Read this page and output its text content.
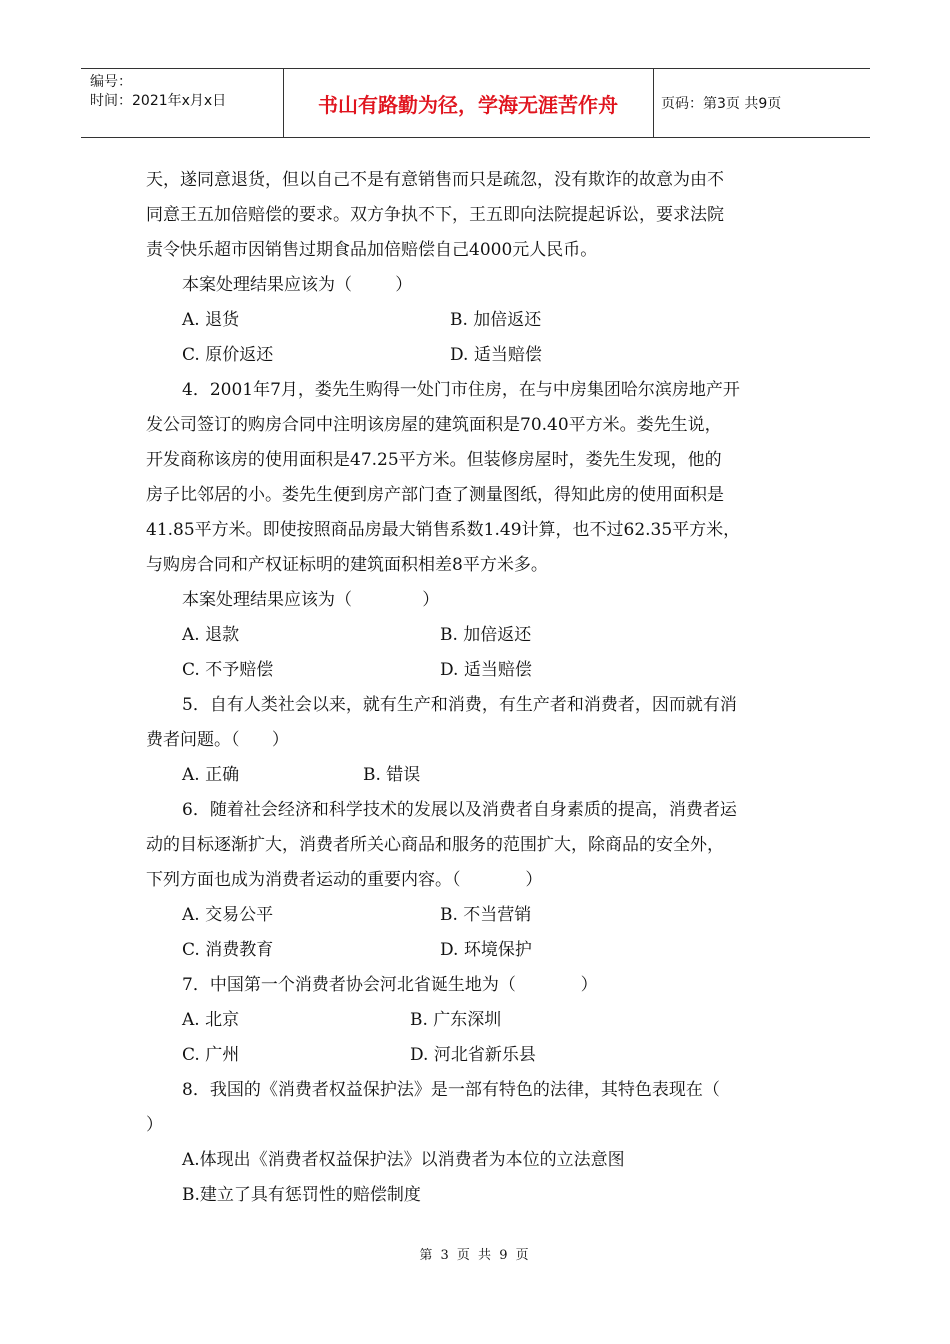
编号：
时间：2021年x月x日	书山有路勤为径，学海无涯苦作舟	页码：第3页 共9页
天，遂同意退货，但以自己不是有意销售而只是疏忽，没有欺诈的故意为由不
同意王五加倍赔偿的要求。双方争执不下，王五即向法院提起诉讼，要求法院
责令快乐超市因销售过期食品加倍赔偿自己4000元人民币。
本案处理结果应该为（        ）
A. 退货	B. 加倍返还
C. 原价返还	D. 适当赔偿
4．2001年7月，娄先生购得一处门市住房，在与中房集团哈尔滨房地产开
发公司签订的购房合同中注明该房屋的建筑面积是70.40平方米。娄先生说，
开发商称该房的使用面积是47.25平方米。但装修房屋时，娄先生发现，他的
房子比邻居的小。娄先生便到房产部门查了测量图纸，得知此房的使用面积是
41.85平方米。即使按照商品房最大销售系数1.49计算，也不过62.35平方米，
与购房合同和产权证标明的建筑面积相差8平方米多。
本案处理结果应该为（             ）
A. 退款	B. 加倍返还
C. 不予赔偿	D. 适当赔偿
5．自有人类社会以来，就有生产和消费，有生产者和消费者，因而就有消
费者问题。（      ）
A. 正确	B. 错误
6．随着社会经济和科学技术的发展以及消费者自身素质的提高，消费者运
动的目标逐渐扩大，消费者所关心商品和服务的范围扩大，除商品的安全外，
下列方面也成为消费者运动的重要内容。（            ）
A. 交易公平	B. 不当营销
C. 消费教育	D. 环境保护
7．中国第一个消费者协会河北省诞生地为（            ）
A. 北京	B. 广东深圳
C. 广州	D. 河北省新乐县
8．我国的《消费者权益保护法》是一部有特色的法律，其特色表现在（
）
A.体现出《消费者权益保护法》以消费者为本位的立法意图
B.建立了具有惩罚性的赔偿制度
第 3 页 共 9 页
